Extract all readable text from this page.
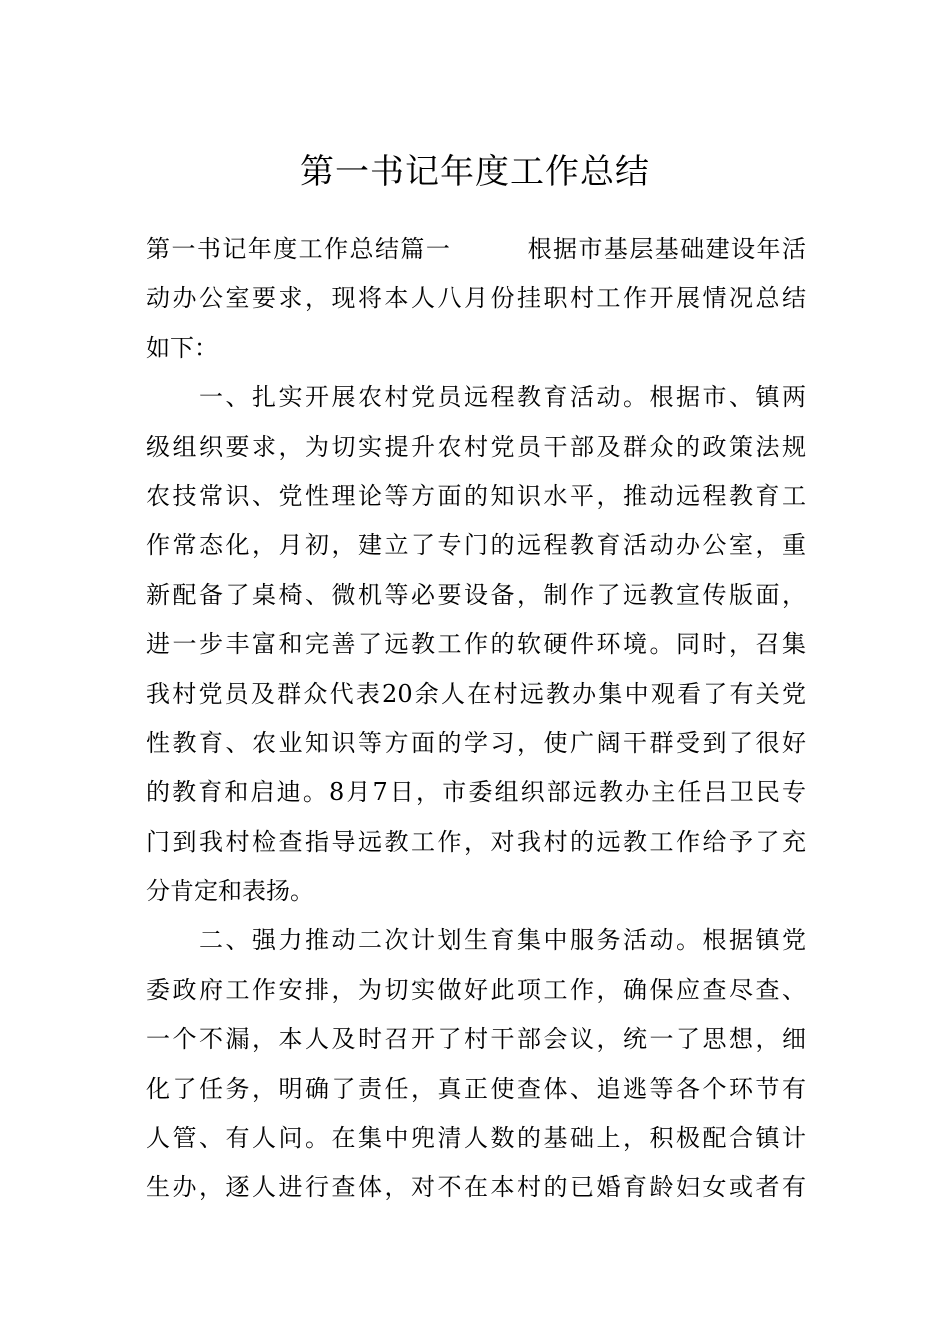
第一书记年度工作总结
第一书记年度工作总结篇一　　　根据市基层基础建设年活
动办公室要求，现将本人八月份挂职村工作开展情况总结
如下：
　　一、扎实开展农村党员远程教育活动。根据市、镇两
级组织要求，为切实提升农村党员干部及群众的政策法规
农技常识、党性理论等方面的知识水平，推动远程教育工
作常态化，月初，建立了专门的远程教育活动办公室，重
新配备了桌椅、微机等必要设备，制作了远教宣传版面，
进一步丰富和完善了远教工作的软硬件环境。同时，召集
我村党员及群众代表20余人在村远教办集中观看了有关党
性教育、农业知识等方面的学习，使广阔干群受到了很好
的教育和启迪。8月7日，市委组织部远教办主任吕卫民专
门到我村检查指导远教工作，对我村的远教工作给予了充
分肯定和表扬。
　　二、强力推动二次计划生育集中服务活动。根据镇党
委政府工作安排，为切实做好此项工作，确保应查尽查、
一个不漏，本人及时召开了村干部会议，统一了思想，细
化了任务，明确了责任，真正使查体、追逃等各个环节有
人管、有人问。在集中兜清人数的基础上，积极配合镇计
生办，逐人进行查体，对不在本村的已婚育龄妇女或者有
